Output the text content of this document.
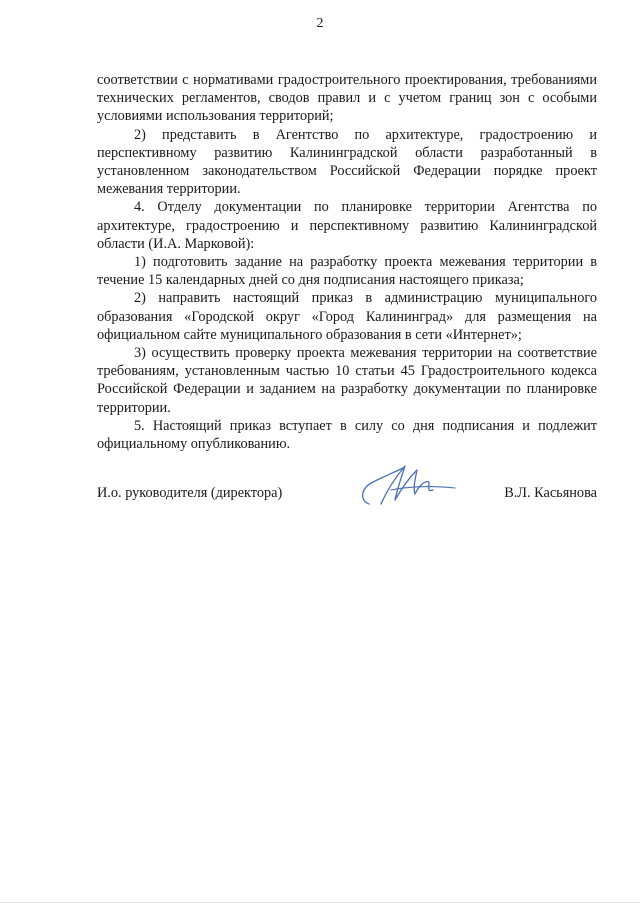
2

соответствии с нормативами градостроительного проектирования, требованиями технических регламентов, сводов правил и с учетом границ зон с особыми условиями использования территорий;

2) представить в Агентство по архитектуре, градостроению и перспективному развитию Калининградской области разработанный в установленном законодательством Российской Федерации порядке проект межевания территории.

4. Отделу документации по планировке территории Агентства по архитектуре, градостроению и перспективному развитию Калининградской области (И.А. Марковой):

1) подготовить задание на разработку проекта межевания территории в течение 15 календарных дней со дня подписания настоящего приказа;

2) направить настоящий приказ в администрацию муниципального образования «Городской округ «Город Калининград» для размещения на официальном сайте муниципального образования в сети «Интернет»;

3) осуществить проверку проекта межевания территории на соответствие требованиям, установленным частью 10 статьи 45 Градостроительного кодекса Российской Федерации и заданием на разработку документации по планировке территории.

5. Настоящий приказ вступает в силу со дня подписания и подлежит официальному опубликованию.

И.о. руководителя (директора)	В.Л. Касьянова
